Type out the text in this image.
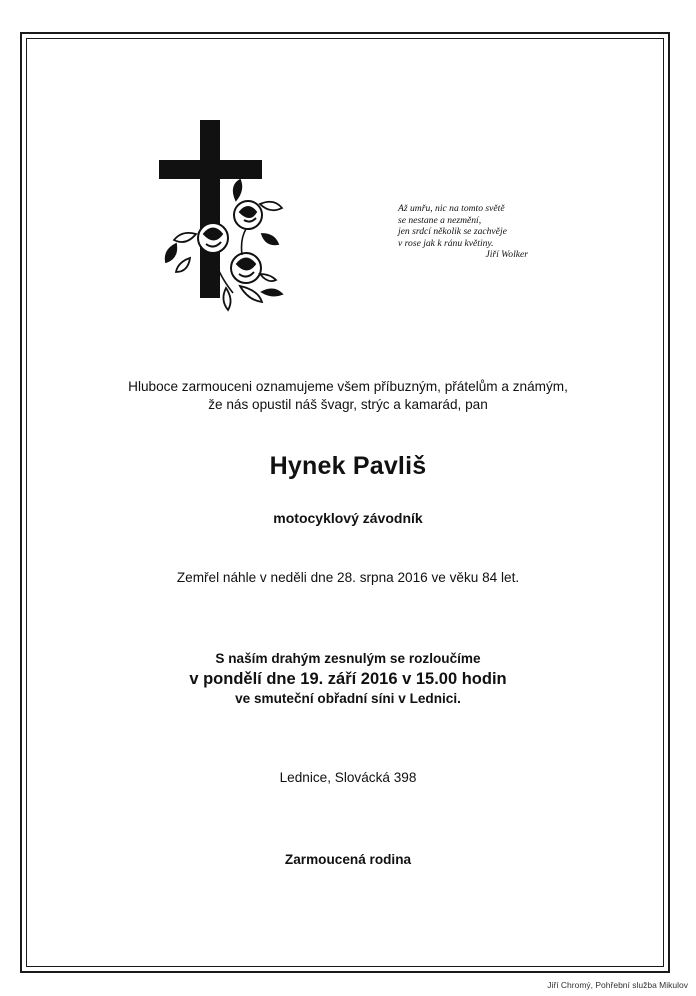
Až umřu, nic na tomto světě
se nestane a nezmění,
jen srdcí několik se zachvěje
v rose jak k ránu květiny.
Jiří Wolker
Hluboce zarmouceni oznamujeme všem příbuzným, přátelům a známým,
že nás opustil náš švagr, strýc a kamarád, pan
Hynek Pavliš
motocyklový závodník
Zemřel náhle v neděli dne 28. srpna 2016 ve věku 84 let.
S naším drahým zesnulým se rozloučíme
v pondělí dne 19. září 2016 v 15.00 hodin
ve smuteční obřadní síni v Lednici.
Lednice, Slovácká 398
Zarmoucená rodina
Jiří Chromý, Pohřební služba Mikulov
